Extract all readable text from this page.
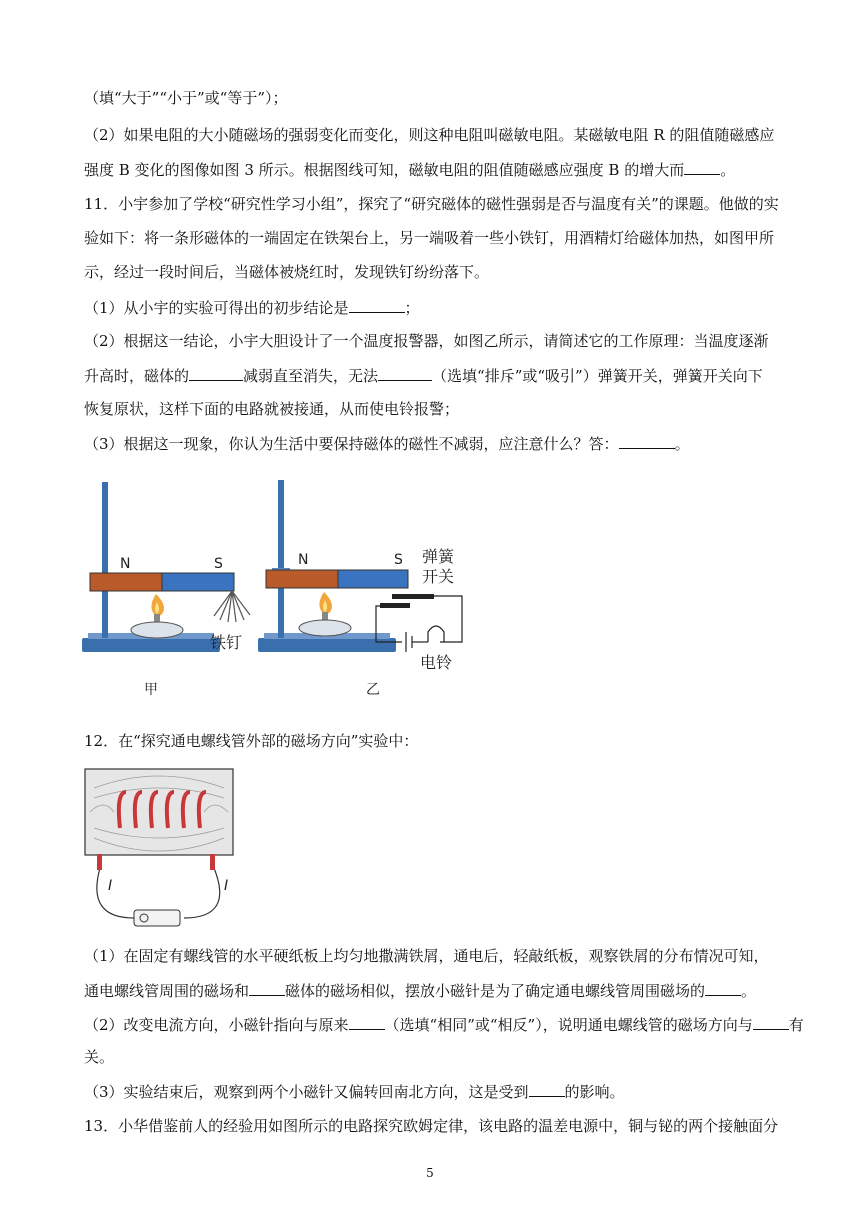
（填“大于”“小于”或“等于”）；
（2）如果电阻的大小随磁场的强弱变化而变化，则这种电阻叫磁敏电阻。某磁敏电阻 R 的阻值随磁感应
强度 B 变化的图像如图 3 所示。根据图线可知，磁敏电阻的阻值随磁感应强度 B 的增大而 。
11．小宇参加了学校“研究性学习小组”，探究了“研究磁体的磁性强弱是否与温度有关”的课题。他做的实
验如下：将一条形磁体的一端固定在铁架台上，另一端吸着一些小铁钉，用酒精灯给磁体加热，如图甲所
示，经过一段时间后，当磁体被烧红时，发现铁钉纷纷落下。
（1）从小宇的实验可得出的初步结论是	；
（2）根据这一结论，小宇大胆设计了一个温度报警器，如图乙所示，请简述它的工作原理：当温度逐渐
升高时，磁体的	减弱直至消失，无法	（选填“排斥”或“吸引”）弹簧开关，弹簧开关向下
恢复原状，这样下面的电路就被接通，从而使电铃报警；
（3）根据这一现象，你认为生活中要保持磁体的磁性不减弱，应注意什么？答：	。
N	S
铁钉
甲
N	S 弹簧
开关
电铃
乙
12．在“探究通电螺线管外部的磁场方向”实验中：
I	I
（1）在固定有螺线管的水平硬纸板上均匀地撒满铁屑，通电后，轻敲纸板，观察铁屑的分布情况可知，
通电螺线管周围的磁场和 磁体的磁场相似，摆放小磁针是为了确定通电螺线管周围磁场的 。
（2）改变电流方向，小磁针指向与原来 （选填“相同”或“相反”），说明通电螺线管的磁场方向与 有
关。
（3）实验结束后，观察到两个小磁针又偏转回南北方向，这是受到 的影响。
13．小华借鉴前人的经验用如图所示的电路探究欧姆定律，该电路的温差电源中，铜与铋的两个接触面分
5
